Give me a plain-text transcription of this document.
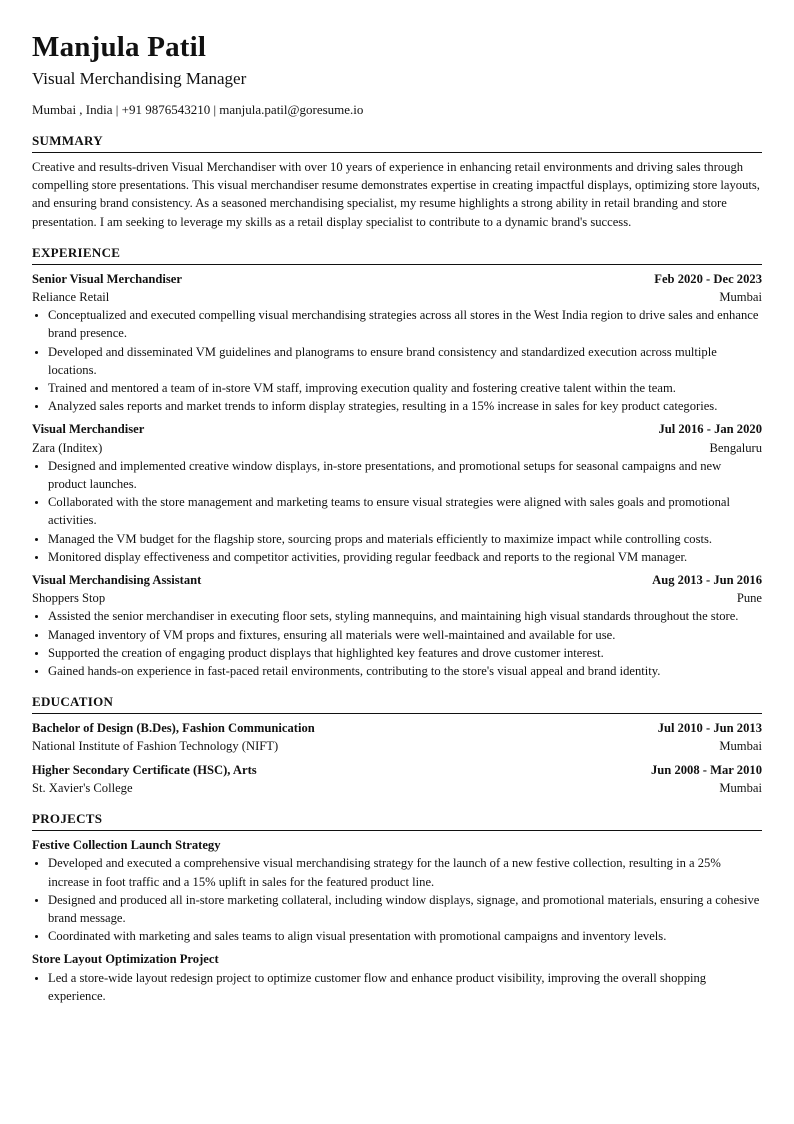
Manjula Patil
Visual Merchandising Manager
Mumbai , India | +91 9876543210 | manjula.patil@goresume.io
SUMMARY

Creative and results-driven Visual Merchandiser with over 10 years of experience in enhancing retail environments and driving sales through compelling store presentations. This visual merchandiser resume demonstrates expertise in creating impactful displays, optimizing store layouts, and ensuring brand consistency. As a seasoned merchandising specialist, my resume highlights a strong ability in retail branding and store presentation. I am seeking to leverage my skills as a retail display specialist to contribute to a dynamic brand's success.

EXPERIENCE
Senior Visual Merchandiser	Feb 2020 - Dec 2023
Reliance Retail	Mumbai
• Conceptualized and executed compelling visual merchandising strategies across all stores in the West India region to drive sales and enhance brand presence.
• Developed and disseminated VM guidelines and planograms to ensure brand consistency and standardized execution across multiple locations.
• Trained and mentored a team of in-store VM staff, improving execution quality and fostering creative talent within the team.
• Analyzed sales reports and market trends to inform display strategies, resulting in a 15% increase in sales for key product categories.
Visual Merchandiser	Jul 2016 - Jan 2020
Zara (Inditex)	Bengaluru
• Designed and implemented creative window displays, in-store presentations, and promotional setups for seasonal campaigns and new product launches.
• Collaborated with the store management and marketing teams to ensure visual strategies were aligned with sales goals and promotional activities.
• Managed the VM budget for the flagship store, sourcing props and materials efficiently to maximize impact while controlling costs.
• Monitored display effectiveness and competitor activities, providing regular feedback and reports to the regional VM manager.
Visual Merchandising Assistant	Aug 2013 - Jun 2016
Shoppers Stop	Pune
• Assisted the senior merchandiser in executing floor sets, styling mannequins, and maintaining high visual standards throughout the store.
• Managed inventory of VM props and fixtures, ensuring all materials were well-maintained and available for use.
• Supported the creation of engaging product displays that highlighted key features and drove customer interest.
• Gained hands-on experience in fast-paced retail environments, contributing to the store's visual appeal and brand identity.
EDUCATION
Bachelor of Design (B.Des), Fashion Communication	Jul 2010 - Jun 2013
National Institute of Fashion Technology (NIFT)	Mumbai
Higher Secondary Certificate (HSC), Arts	Jun 2008 - Mar 2010
St. Xavier's College	Mumbai
PROJECTS
Festive Collection Launch Strategy
• Developed and executed a comprehensive visual merchandising strategy for the launch of a new festive collection, resulting in a 25% increase in foot traffic and a 15% uplift in sales for the featured product line.
• Designed and produced all in-store marketing collateral, including window displays, signage, and promotional materials, ensuring a cohesive brand message.
• Coordinated with marketing and sales teams to align visual presentation with promotional campaigns and inventory levels.
Store Layout Optimization Project
• Led a store-wide layout redesign project to optimize customer flow and enhance product visibility, improving the overall shopping experience.
